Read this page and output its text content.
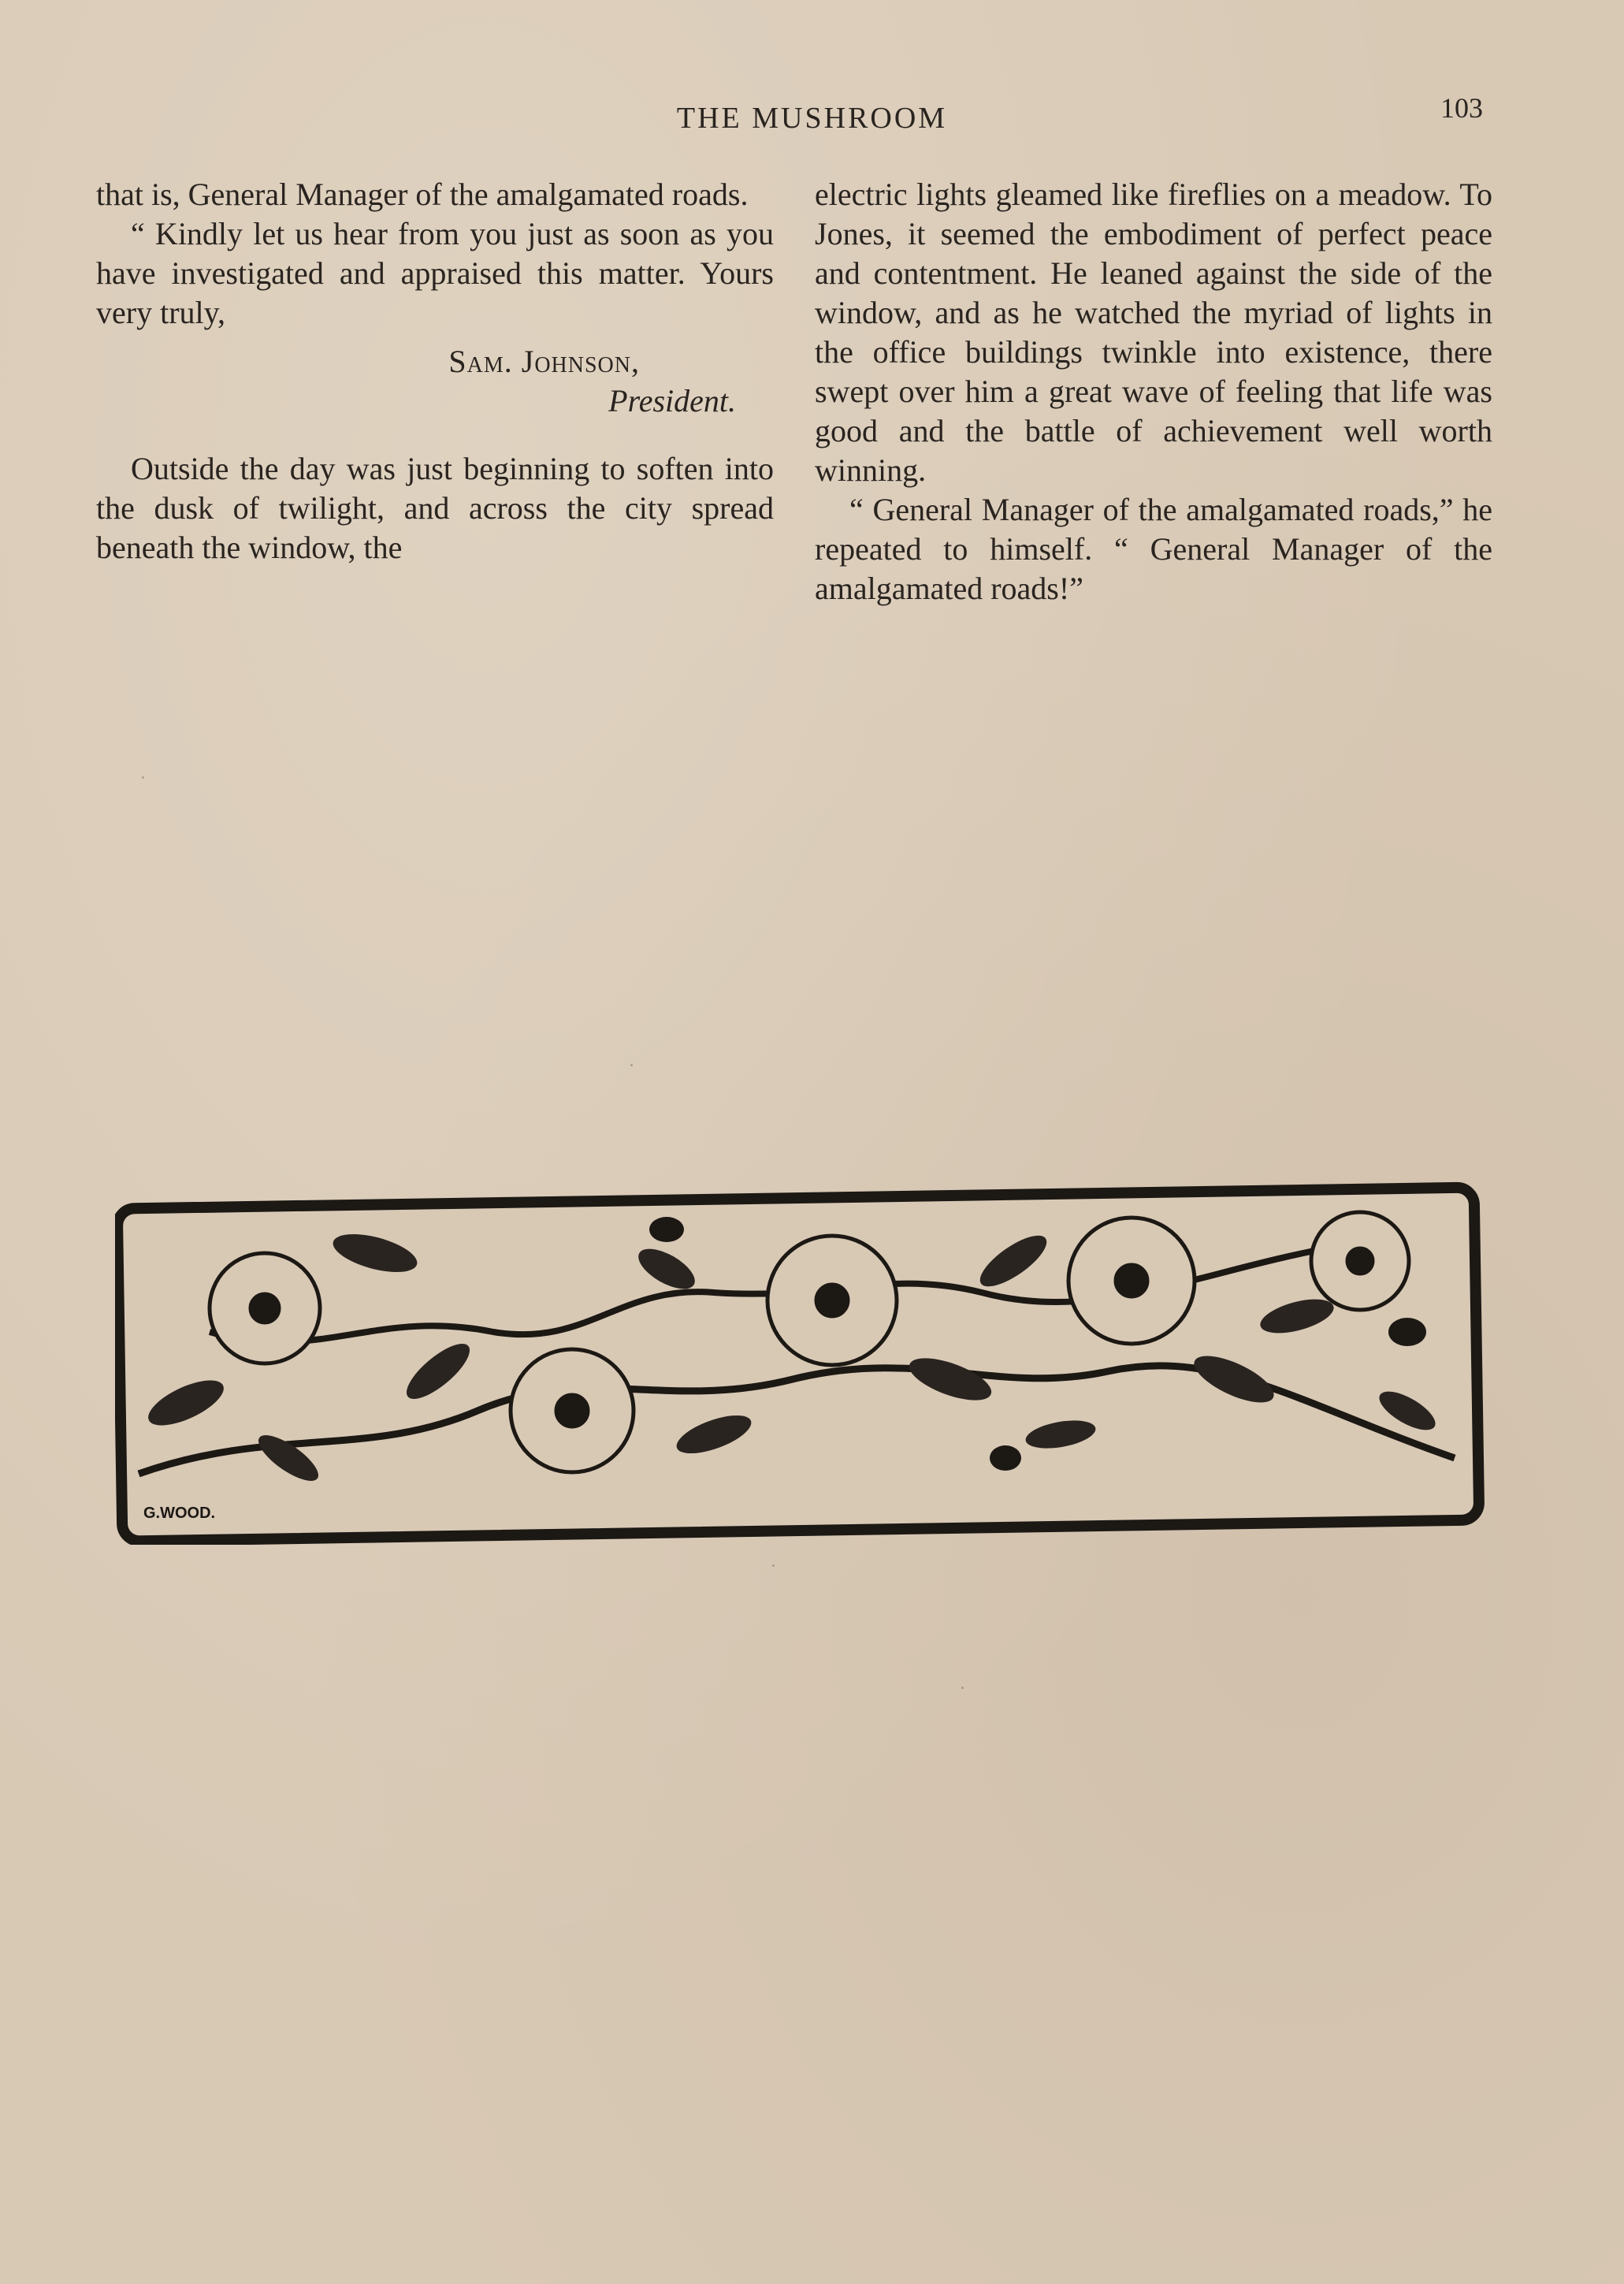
THE MUSHROOM	103

that is, General Manager of the amalgamated roads.

“ Kindly let us hear from you just as soon as you have investigated and appraised this matter. Yours very truly,

Sam. Johnson,

President.

Outside the day was just beginning to soften into the dusk of twilight, and across the city spread beneath the window, the

electric lights gleamed like fireflies on a meadow. To Jones, it seemed the embodiment of perfect peace and contentment. He leaned against the side of the window, and as he watched the myriad of lights in the office buildings twinkle into existence, there swept over him a great wave of feeling that life was good and the battle of achievement well worth winning.

“ General Manager of the amalgamated roads,” he repeated to himself. “ General Manager of the amalgamated roads!”

G.WOOD.
